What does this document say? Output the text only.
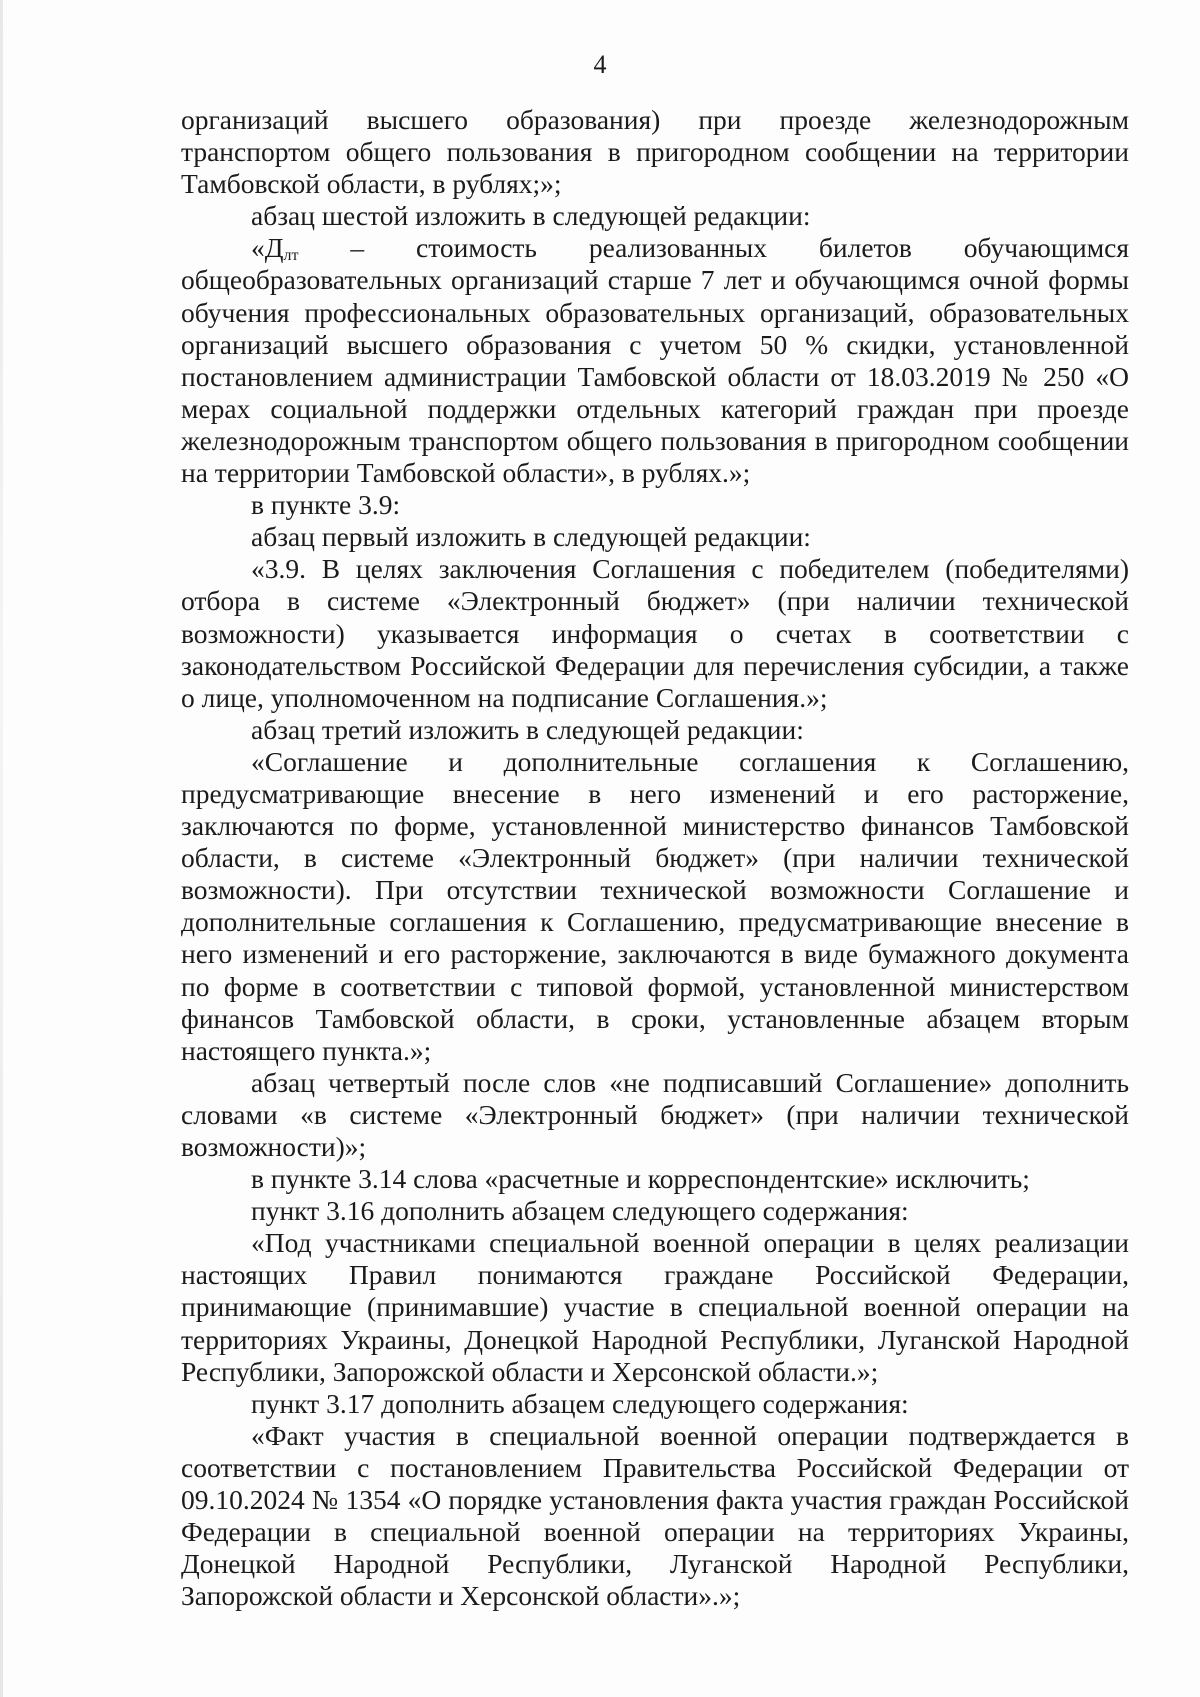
4

организаций высшего образования) при проезде железнодорожным транспортом общего пользования в пригородном сообщении на территории Тамбовской области, в рублях;»;

абзац шестой изложить в следующей редакции:

«$Д_{лт}$ – стоимость реализованных билетов обучающимся общеобразовательных организаций старше 7 лет и обучающимся очной формы обучения профессиональных образовательных организаций, образовательных организаций высшего образования с учетом 50 % скидки, установленной постановлением администрации Тамбовской области от 18.03.2019 № 250 «О мерах социальной поддержки отдельных категорий граждан при проезде железнодорожным транспортом общего пользования в пригородном сообщении на территории Тамбовской области», в рублях.»;

в пункте 3.9:

абзац первый изложить в следующей редакции:

«3.9. В целях заключения Соглашения с победителем (победителями) отбора в системе «Электронный бюджет» (при наличии технической возможности) указывается информация о счетах в соответствии с законодательством Российской Федерации для перечисления субсидии, а также о лице, уполномоченном на подписание Соглашения.»;

абзац третий изложить в следующей редакции:

«Соглашение и дополнительные соглашения к Соглашению, предусматривающие внесение в него изменений и его расторжение, заключаются по форме, установленной министерство финансов Тамбовской области, в системе «Электронный бюджет» (при наличии технической возможности). При отсутствии технической возможности Соглашение и дополнительные соглашения к Соглашению, предусматривающие внесение в него изменений и его расторжение, заключаются в виде бумажного документа по форме в соответствии с типовой формой, установленной министерством финансов Тамбовской области, в сроки, установленные абзацем вторым настоящего пункта.»;

абзац четвертый после слов «не подписавший Соглашение» дополнить словами «в системе «Электронный бюджет» (при наличии технической возможности)»;

в пункте 3.14 слова «расчетные и корреспондентские» исключить;

пункт 3.16 дополнить абзацем следующего содержания:

«Под участниками специальной военной операции в целях реализации настоящих Правил понимаются граждане Российской Федерации, принимающие (принимавшие) участие в специальной военной операции на территориях Украины, Донецкой Народной Республики, Луганской Народной Республики, Запорожской области и Херсонской области.»;

пункт 3.17 дополнить абзацем следующего содержания:

«Факт участия в специальной военной операции подтверждается в соответствии с постановлением Правительства Российской Федерации от 09.10.2024 № 1354 «О порядке установления факта участия граждан Российской Федерации в специальной военной операции на территориях Украины, Донецкой Народной Республики, Луганской Народной Республики, Запорожской области и Херсонской области».»;
